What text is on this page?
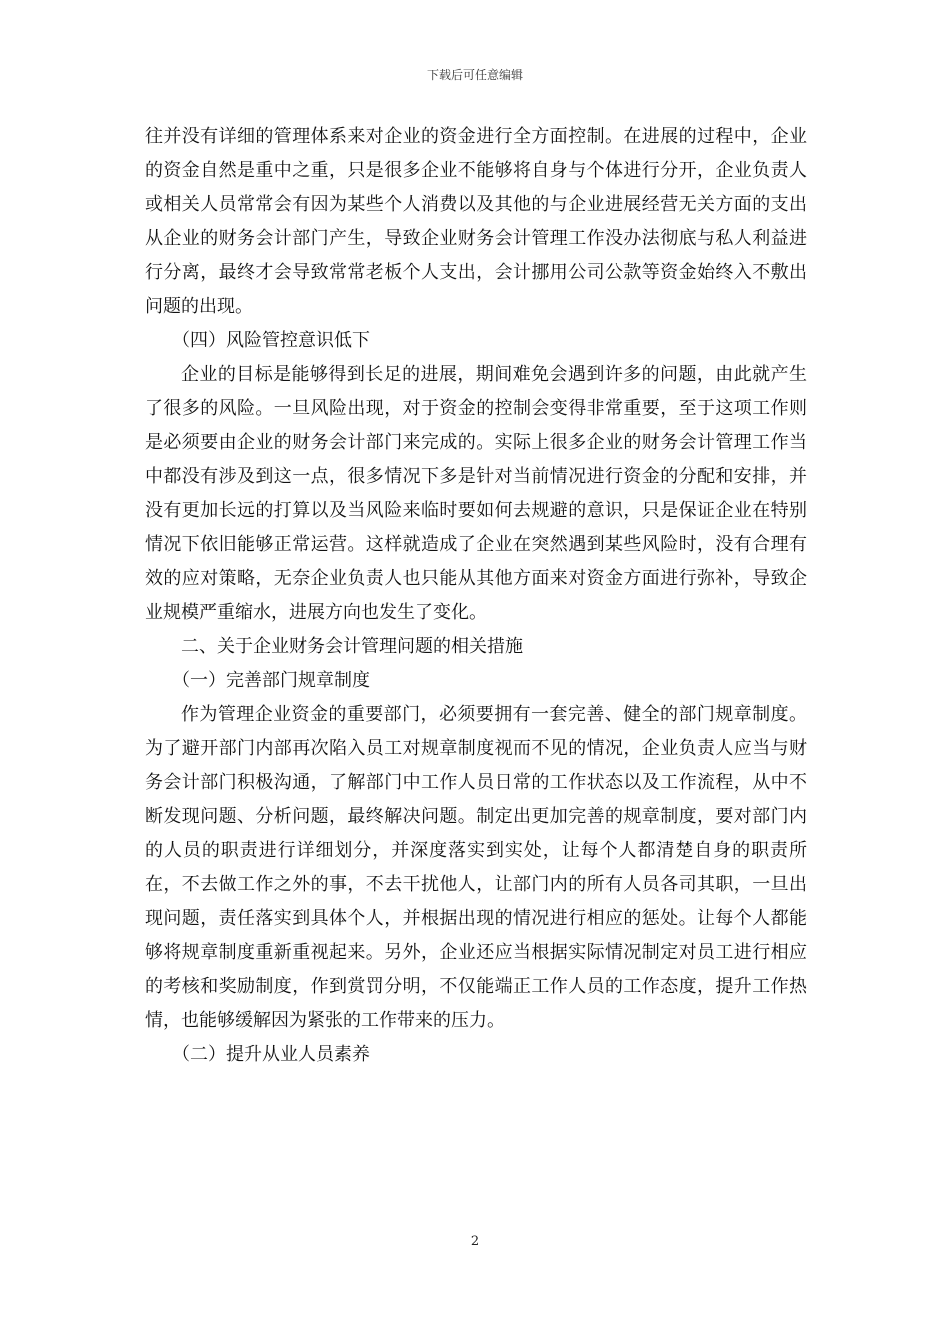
下载后可任意编辑

往并没有详细的管理体系来对企业的资金进行全方面控制。在进展的过程中，企业的资金自然是重中之重，只是很多企业不能够将自身与个体进行分开，企业负责人或相关人员常常会有因为某些个人消费以及其他的与企业进展经营无关方面的支出从企业的财务会计部门产生，导致企业财务会计管理工作没办法彻底与私人利益进行分离，最终才会导致常常老板个人支出，会计挪用公司公款等资金始终入不敷出问题的出现。

（四）风险管控意识低下

企业的目标是能够得到长足的进展，期间难免会遇到许多的问题，由此就产生了很多的风险。一旦风险出现，对于资金的控制会变得非常重要，至于这项工作则是必须要由企业的财务会计部门来完成的。实际上很多企业的财务会计管理工作当中都没有涉及到这一点，很多情况下多是针对当前情况进行资金的分配和安排，并没有更加长远的打算以及当风险来临时要如何去规避的意识，只是保证企业在特别情况下依旧能够正常运营。这样就造成了企业在突然遇到某些风险时，没有合理有效的应对策略，无奈企业负责人也只能从其他方面来对资金方面进行弥补，导致企业规模严重缩水，进展方向也发生了变化。

二、关于企业财务会计管理问题的相关措施

（一）完善部门规章制度

作为管理企业资金的重要部门，必须要拥有一套完善、健全的部门规章制度。为了避开部门内部再次陷入员工对规章制度视而不见的情况，企业负责人应当与财务会计部门积极沟通，了解部门中工作人员日常的工作状态以及工作流程，从中不断发现问题、分析问题，最终解决问题。制定出更加完善的规章制度，要对部门内的人员的职责进行详细划分，并深度落实到实处，让每个人都清楚自身的职责所在，不去做工作之外的事，不去干扰他人，让部门内的所有人员各司其职，一旦出现问题，责任落实到具体个人，并根据出现的情况进行相应的惩处。让每个人都能够将规章制度重新重视起来。另外，企业还应当根据实际情况制定对员工进行相应的考核和奖励制度，作到赏罚分明，不仅能端正工作人员的工作态度，提升工作热情，也能够缓解因为紧张的工作带来的压力。

（二）提升从业人员素养

2
